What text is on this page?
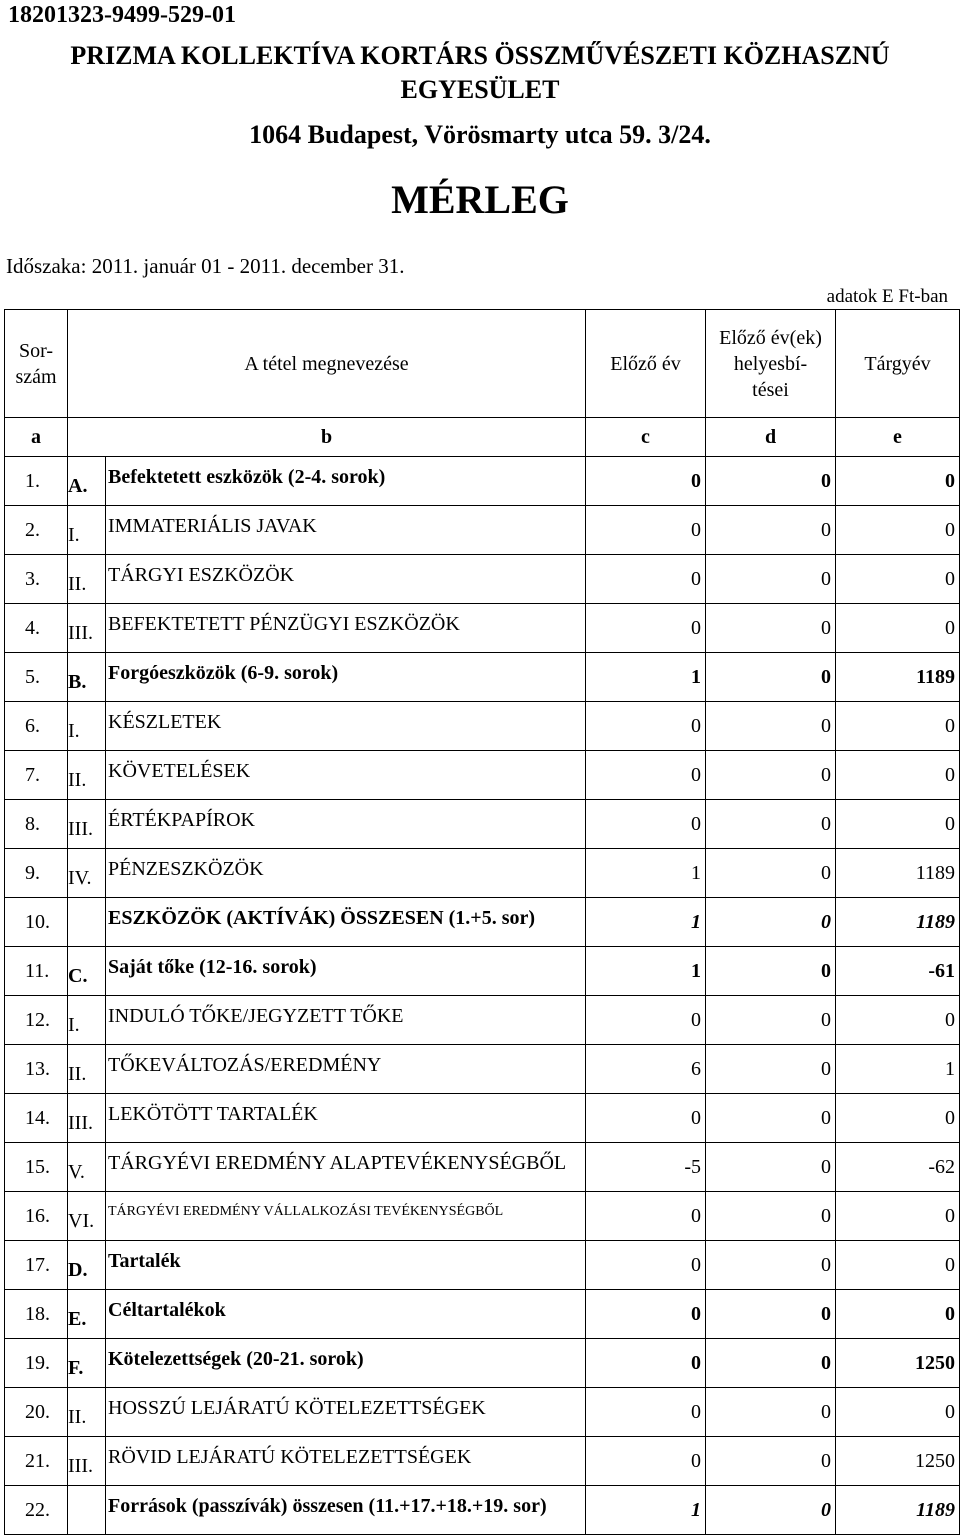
18201323-9499-529-01
PRIZMA KOLLEKTÍVA KORTÁRS ÖSSZMŰVÉSZETI KÖZHASZNÚ
EGYESÜLET
1064 Budapest, Vörösmarty utca 59. 3/24.
MÉRLEG
Időszaka: 2011. január 01 - 2011. december 31.
adatok E Ft-ban
Sor-
szám	A tétel megnevezése		Előző év	Előző év(ek)
helyesbí-
tései	Tárgyév
a	b		c	d	e
1.	A.	Befektetett eszközök (2-4. sorok)	0	0	0
2.	I.	IMMATERIÁLIS JAVAK	0	0	0
3.	II.	TÁRGYI ESZKÖZÖK	0	0	0
4.	III.	BEFEKTETETT PÉNZÜGYI ESZKÖZÖK	0	0	0
5.	B.	Forgóeszközök (6-9. sorok)	1	0	1189
6.	I.	KÉSZLETEK	0	0	0
7.	II.	KÖVETELÉSEK	0	0	0
8.	III.	ÉRTÉKPAPÍROK	0	0	0
9.	IV.	PÉNZESZKÖZÖK	1	0	1189
10.		ESZKÖZÖK (AKTÍVÁK) ÖSSZESEN (1.+5. sor)	1	0	1189
11.	C.	Saját tőke (12-16. sorok)	1	0	-61
12.	I.	INDULÓ TŐKE/JEGYZETT TŐKE	0	0	0
13.	II.	TŐKEVÁLTOZÁS/EREDMÉNY	6	0	1
14.	III.	LEKÖTÖTT TARTALÉK	0	0	0
15.	V.	TÁRGYÉVI EREDMÉNY ALAPTEVÉKENYSÉGBŐL	-5	0	-62
16.	VI.	TÁRGYÉVI EREDMÉNY VÁLLALKOZÁSI TEVÉKENYSÉGBŐL	0	0	0
17.	D.	Tartalék	0	0	0
18.	E.	Céltartalékok	0	0	0
19.	F.	Kötelezettségek (20-21. sorok)	0	0	1250
20.	II.	HOSSZÚ LEJÁRATÚ KÖTELEZETTSÉGEK	0	0	0
21.	III.	RÖVID LEJÁRATÚ KÖTELEZETTSÉGEK	0	0	1250
22.		Források (passzívák) összesen (11.+17.+18.+19. sor)	1	0	1189
